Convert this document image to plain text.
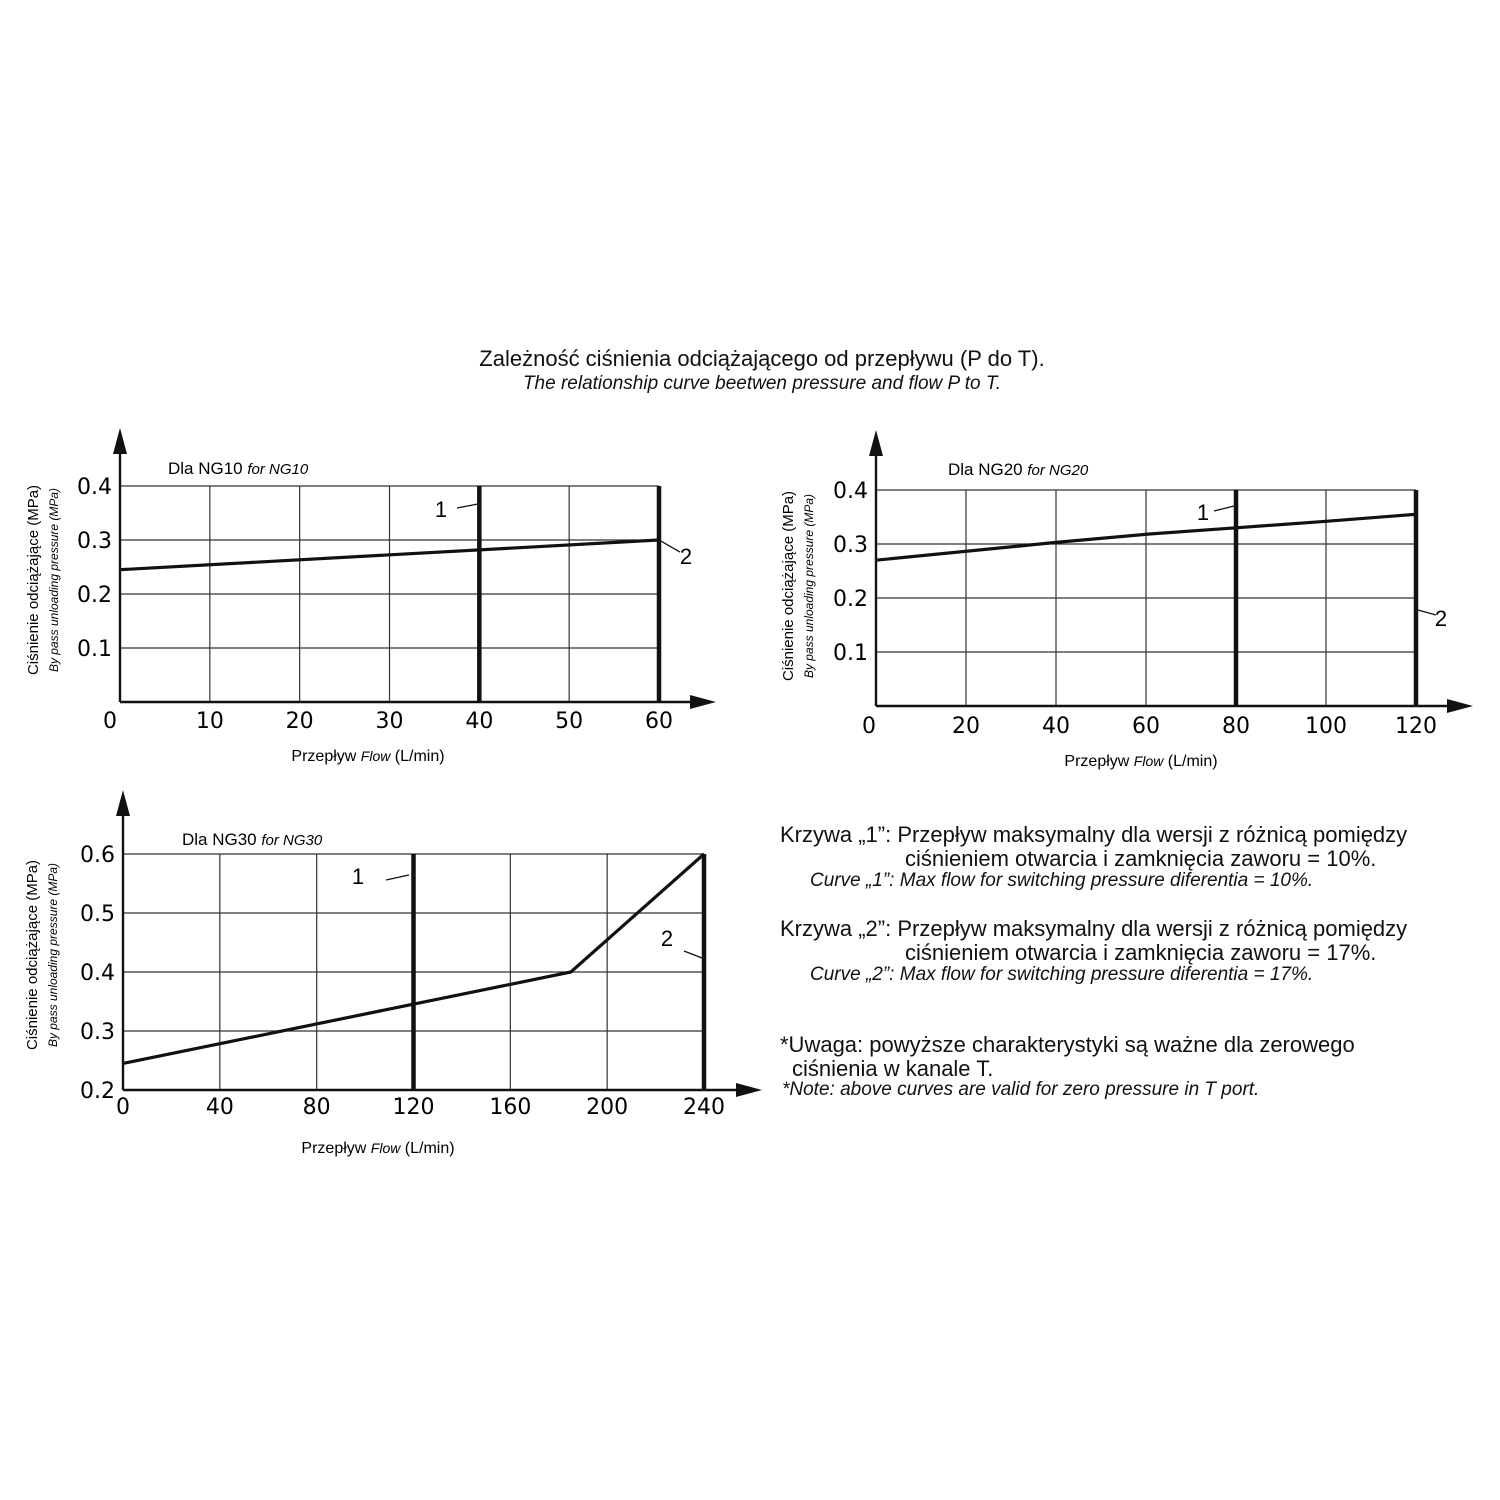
Zależność ciśnienia odciążającego od przepływu (P do T).
The relationship curve beetwen pressure and flow P to T.
0	10	20	30	40	50	60
0.1
0.2
0.3
0.4
1
2
Dla NG10 for NG10
Ciśnienie odciążające (MPa) By pass unloading pressure (MPa)
Przepływ Flow (L/min)
0	20	40	60	80	100 120
0.1
0.2
0.3
0.4
1
2
Dla NG20 for NG20
Ciśnienie odciążające (MPa) By pass unloading pressure (MPa)
Przepływ Flow (L/min)
0	40	80	120 160 200 240
0.2
0.3
0.4
0.5
0.6
1
2
Dla NG30 for NG30
Ciśnienie odciążające (MPa) By pass unloading pressure (MPa)
Przepływ Flow (L/min)
Krzywa „1”: Przepływ maksymalny dla wersji z różnicą pomiędzy
ciśnieniem otwarcia i zamknięcia zaworu = 10%.
Curve „1”: Max flow for switching pressure diferentia = 10%.
Krzywa „2”: Przepływ maksymalny dla wersji z różnicą pomiędzy
ciśnieniem otwarcia i zamknięcia zaworu = 17%.
Curve „2”: Max flow for switching pressure diferentia = 17%.
*Uwaga: powyższe charakterystyki są ważne dla zerowego
ciśnienia w kanale T.
*Note: above curves are valid for zero pressure in T port.
